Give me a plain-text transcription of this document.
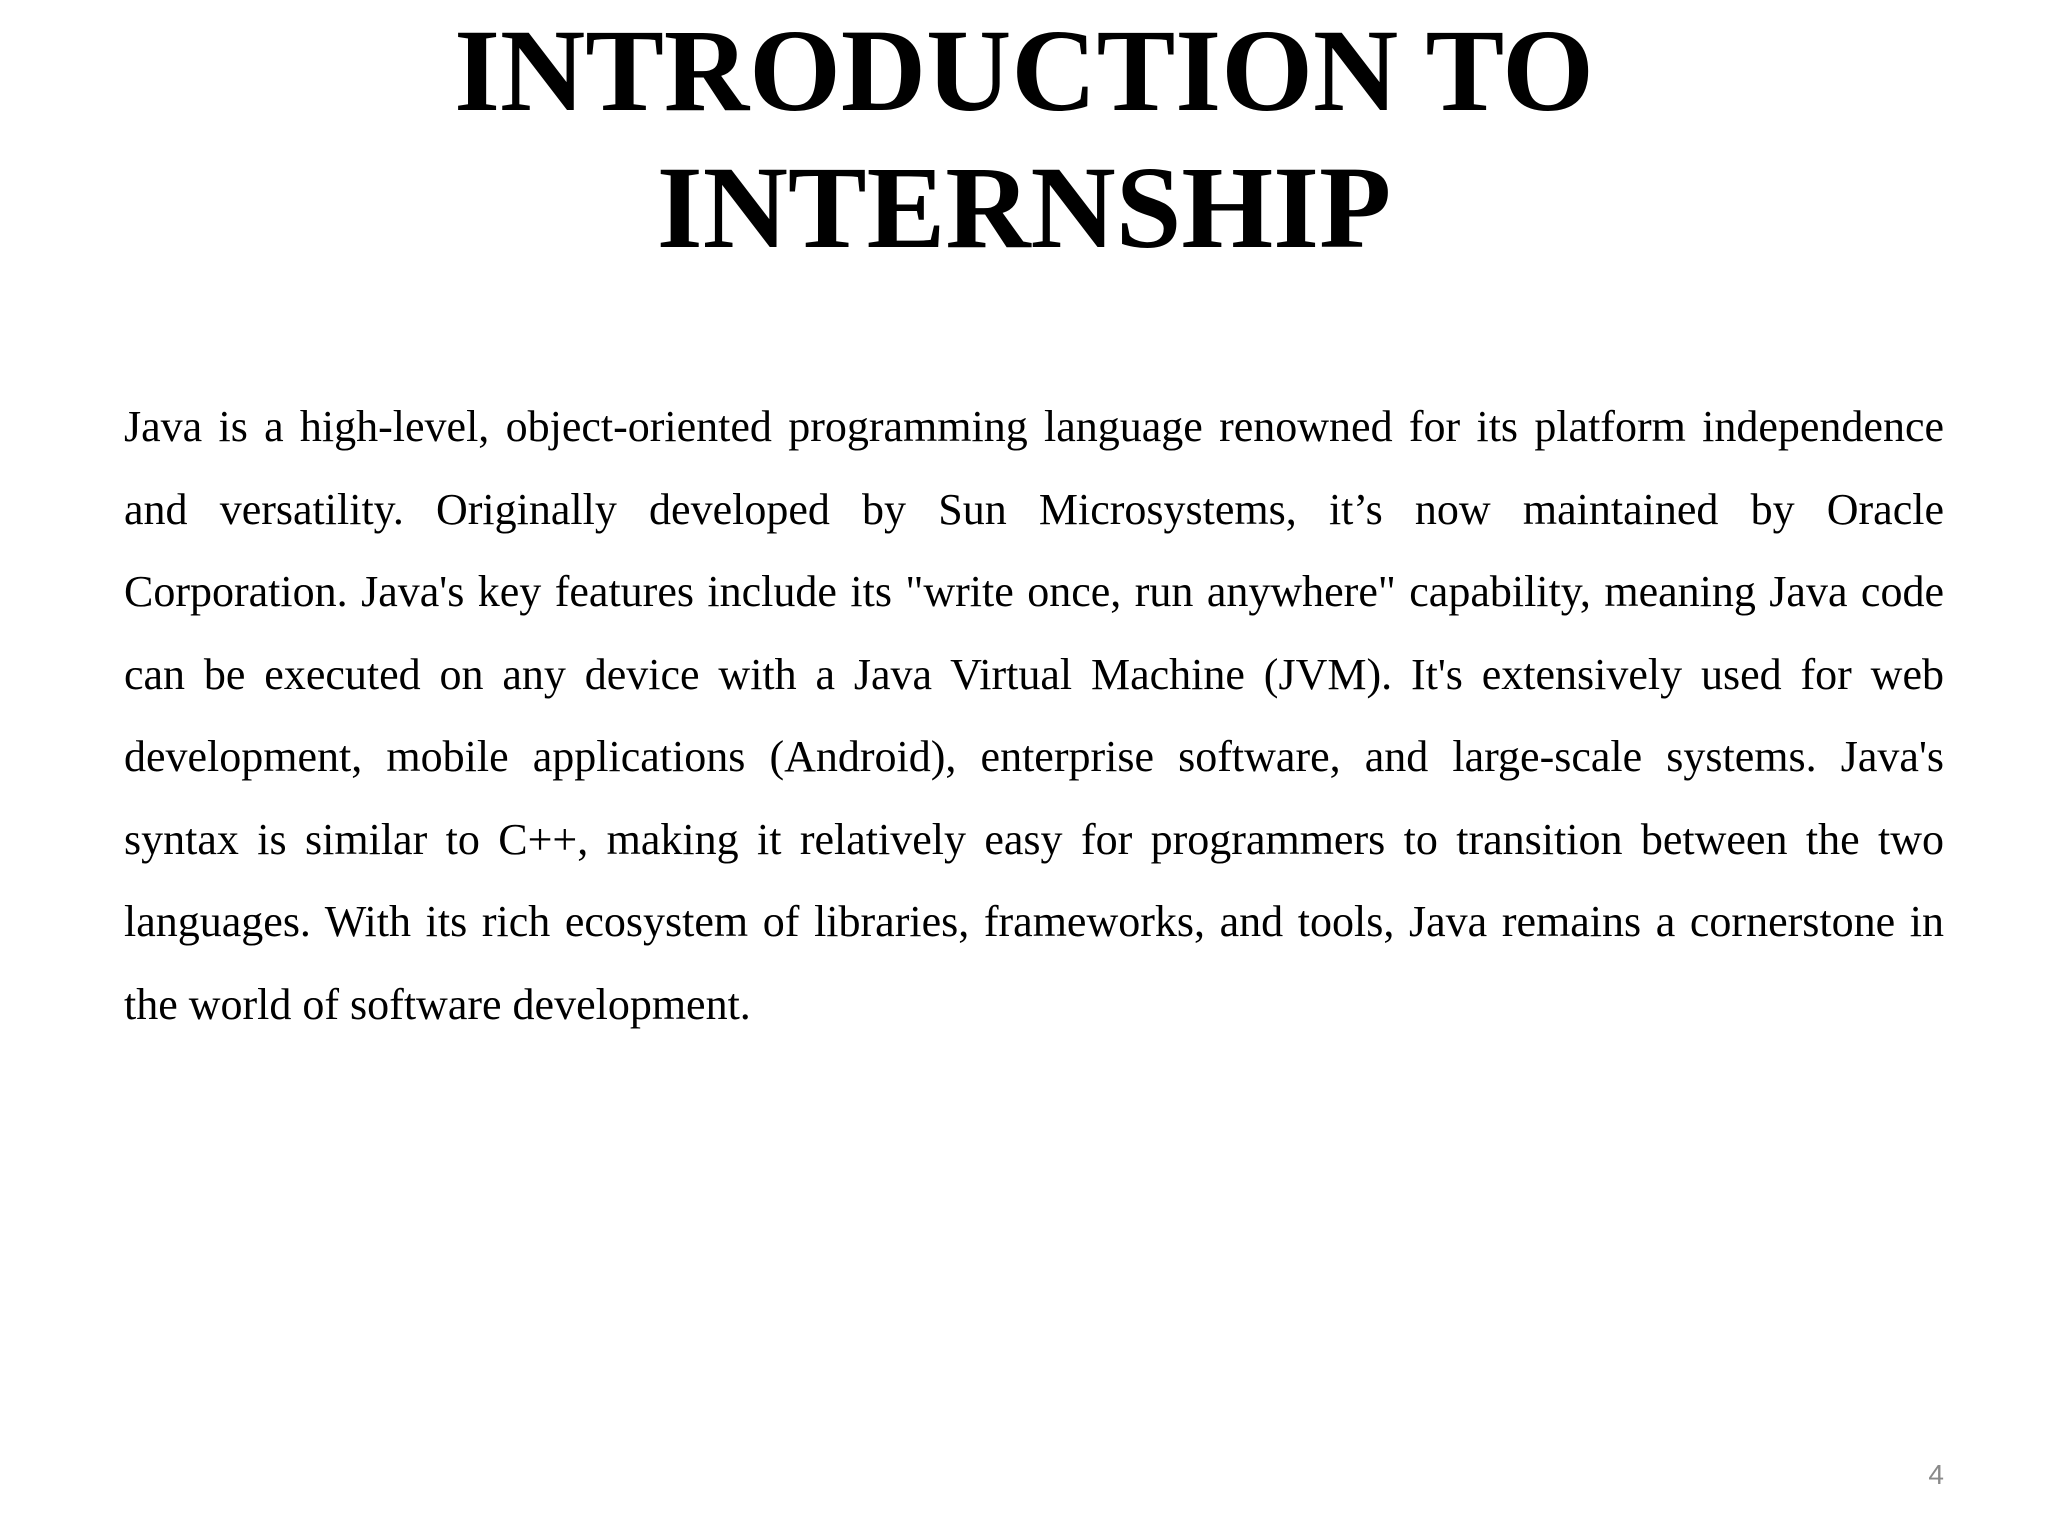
INTRODUCTION TO
INTERNSHIP

Java is a high-level, object-oriented programming language renowned for its platform independence and versatility. Originally developed by Sun Microsystems, it’s now maintained by Oracle Corporation. Java's key features include its "write once, run anywhere" capability, meaning Java code can be executed on any device with a Java Virtual Machine (JVM). It's extensively used for web development, mobile applications (Android), enterprise software, and large-scale systems. Java's syntax is similar to C++, making it relatively easy for programmers to transition between the two languages. With its rich ecosystem of libraries, frameworks, and tools, Java remains a cornerstone in the world of software development.

4
